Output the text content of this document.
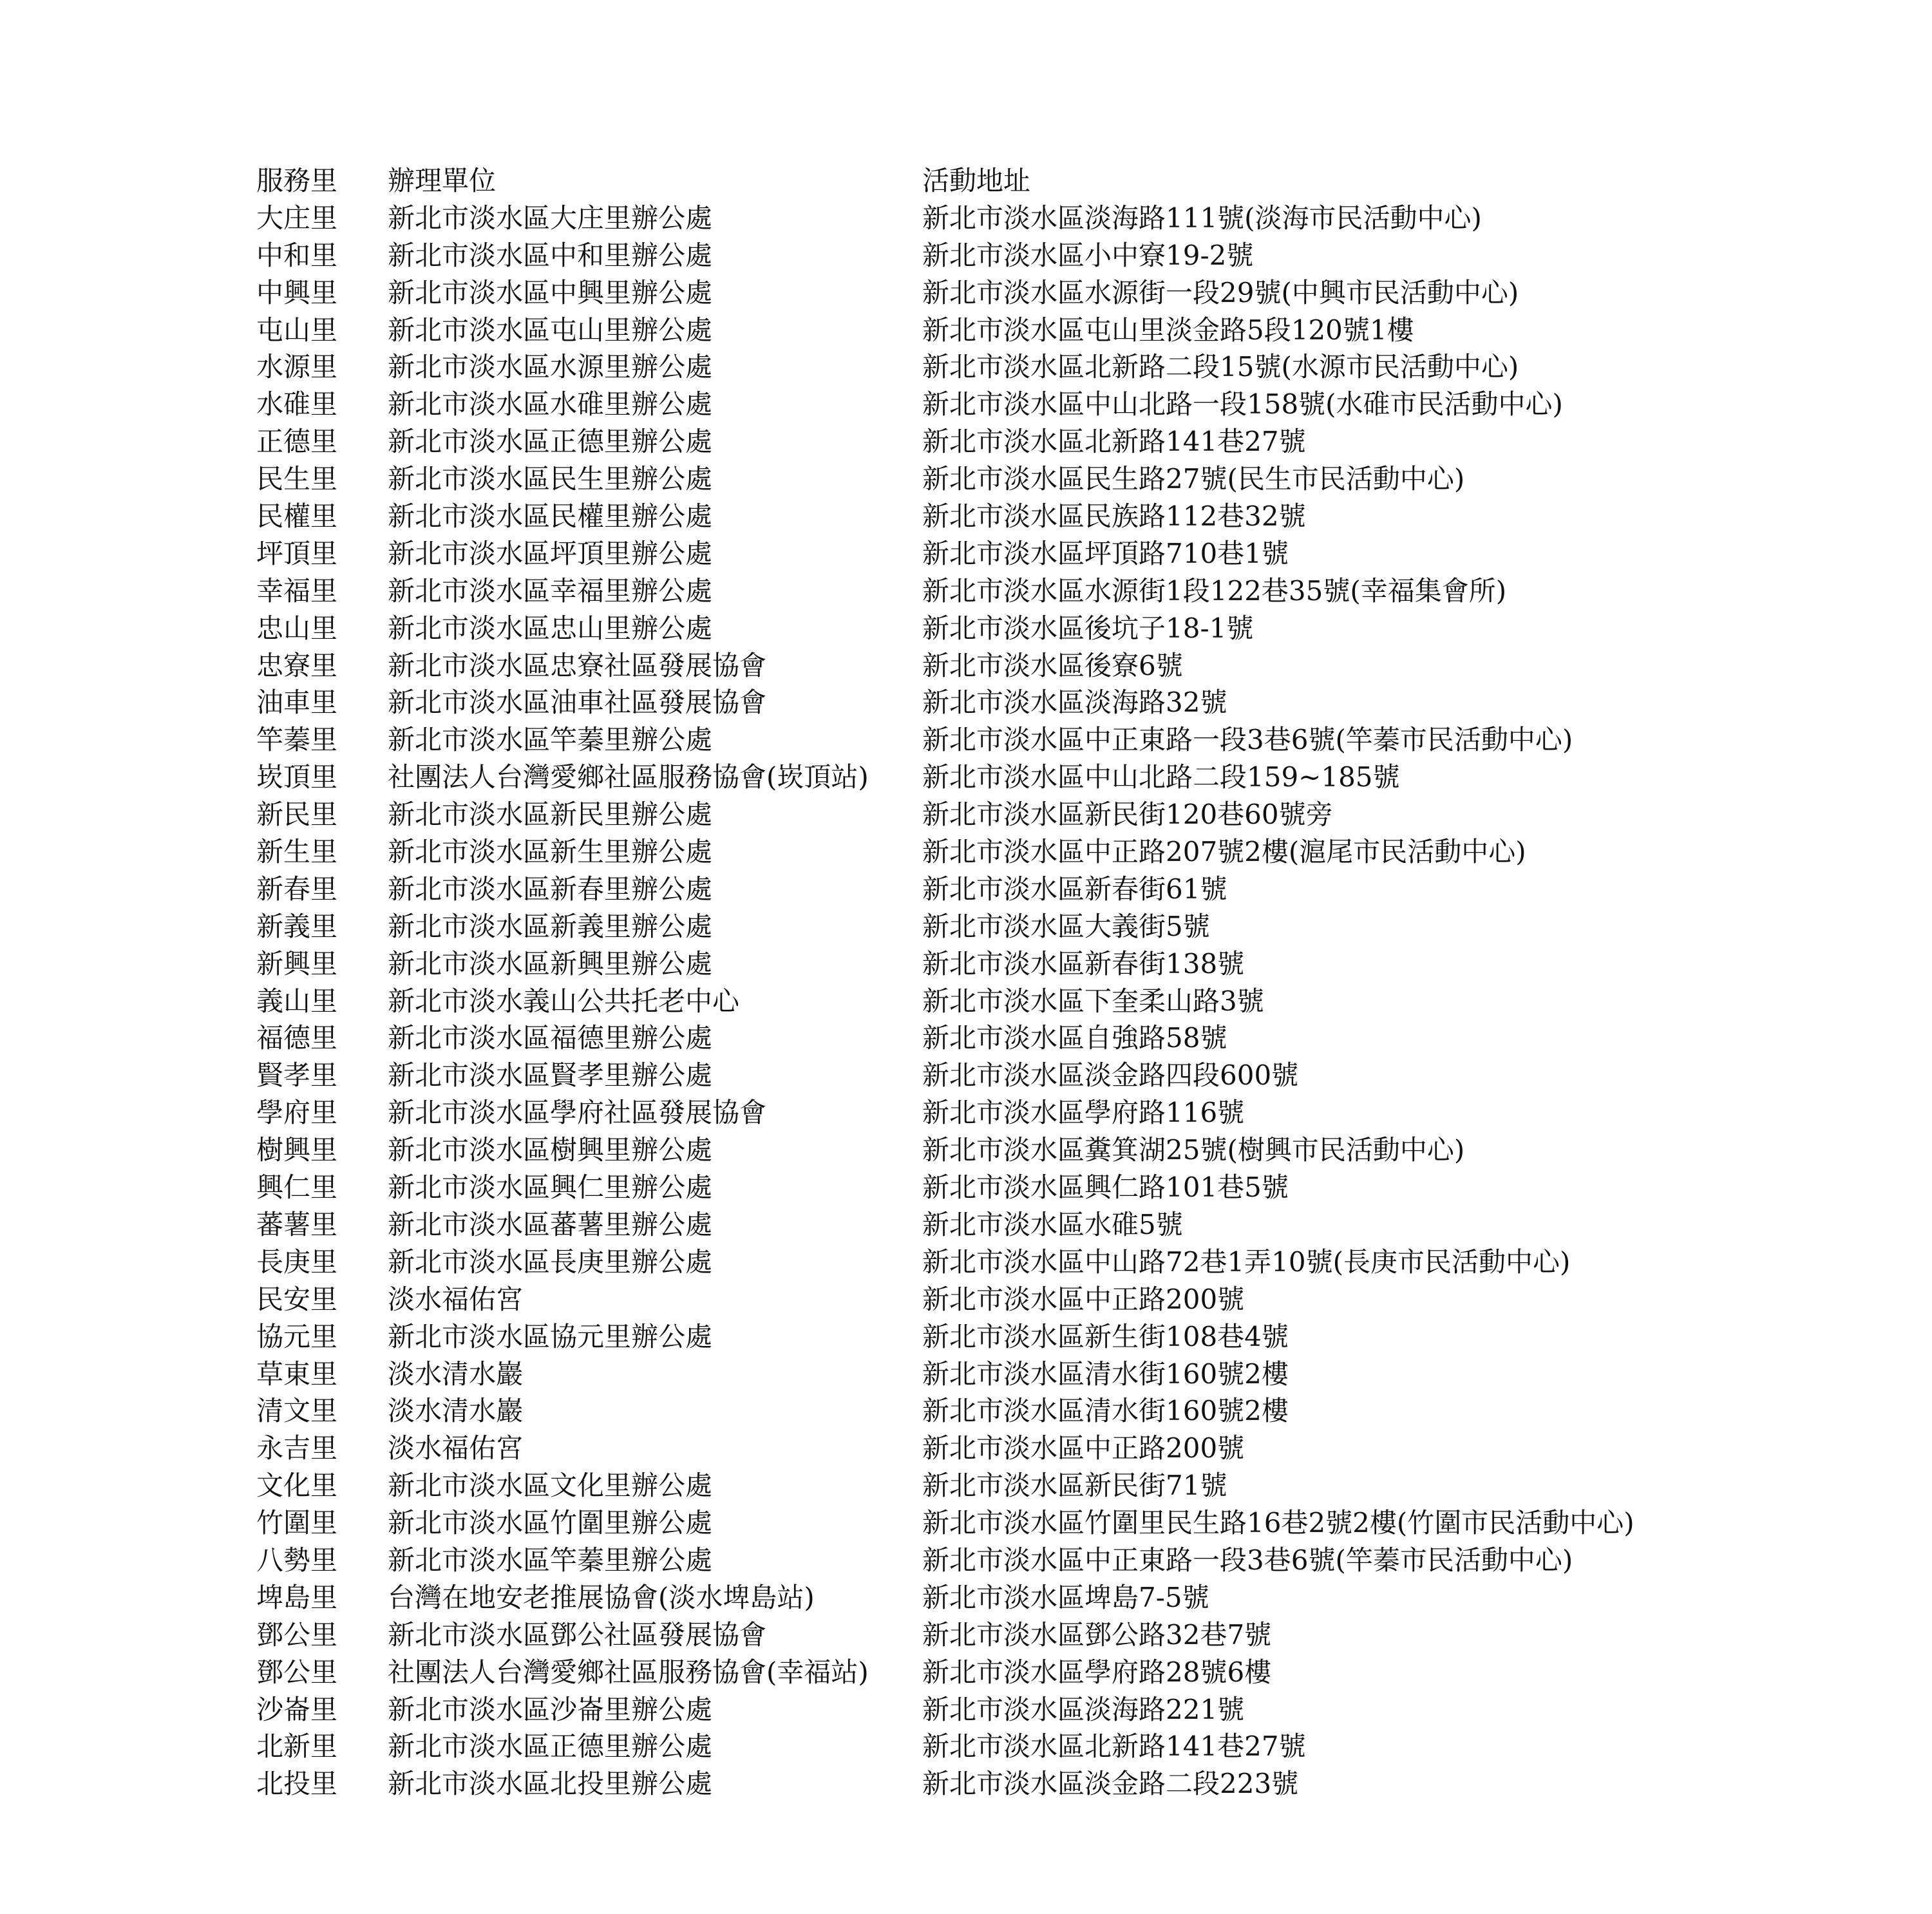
服務里	辦理單位	活動地址
大庄里	新北市淡水區大庄里辦公處	新北市淡水區淡海路111號(淡海市民活動中心)
中和里	新北市淡水區中和里辦公處	新北市淡水區小中寮19-2號
中興里	新北市淡水區中興里辦公處	新北市淡水區水源街一段29號(中興市民活動中心)
屯山里	新北市淡水區屯山里辦公處	新北市淡水區屯山里淡金路5段120號1樓
水源里	新北市淡水區水源里辦公處	新北市淡水區北新路二段15號(水源市民活動中心)
水碓里	新北市淡水區水碓里辦公處	新北市淡水區中山北路一段158號(水碓市民活動中心)
正德里	新北市淡水區正德里辦公處	新北市淡水區北新路141巷27號
民生里	新北市淡水區民生里辦公處	新北市淡水區民生路27號(民生市民活動中心)
民權里	新北市淡水區民權里辦公處	新北市淡水區民族路112巷32號
坪頂里	新北市淡水區坪頂里辦公處	新北市淡水區坪頂路710巷1號
幸福里	新北市淡水區幸福里辦公處	新北市淡水區水源街1段122巷35號(幸福集會所)
忠山里	新北市淡水區忠山里辦公處	新北市淡水區後坑子18-1號
忠寮里	新北市淡水區忠寮社區發展協會	新北市淡水區後寮6號
油車里	新北市淡水區油車社區發展協會	新北市淡水區淡海路32號
竿蓁里	新北市淡水區竿蓁里辦公處	新北市淡水區中正東路一段3巷6號(竿蓁市民活動中心)
崁頂里	社團法人台灣愛鄉社區服務協會(崁頂站)	新北市淡水區中山北路二段159~185號
新民里	新北市淡水區新民里辦公處	新北市淡水區新民街120巷60號旁
新生里	新北市淡水區新生里辦公處	新北市淡水區中正路207號2樓(滬尾市民活動中心)
新春里	新北市淡水區新春里辦公處	新北市淡水區新春街61號
新義里	新北市淡水區新義里辦公處	新北市淡水區大義街5號
新興里	新北市淡水區新興里辦公處	新北市淡水區新春街138號
義山里	新北市淡水義山公共托老中心	新北市淡水區下奎柔山路3號
福德里	新北市淡水區福德里辦公處	新北市淡水區自強路58號
賢孝里	新北市淡水區賢孝里辦公處	新北市淡水區淡金路四段600號
學府里	新北市淡水區學府社區發展協會	新北市淡水區學府路116號
樹興里	新北市淡水區樹興里辦公處	新北市淡水區糞箕湖25號(樹興市民活動中心)
興仁里	新北市淡水區興仁里辦公處	新北市淡水區興仁路101巷5號
蕃薯里	新北市淡水區蕃薯里辦公處	新北市淡水區水碓5號
長庚里	新北市淡水區長庚里辦公處	新北市淡水區中山路72巷1弄10號(長庚市民活動中心)
民安里	淡水福佑宮	新北市淡水區中正路200號
協元里	新北市淡水區協元里辦公處	新北市淡水區新生街108巷4號
草東里	淡水清水巖	新北市淡水區清水街160號2樓
清文里	淡水清水巖	新北市淡水區清水街160號2樓
永吉里	淡水福佑宮	新北市淡水區中正路200號
文化里	新北市淡水區文化里辦公處	新北市淡水區新民街71號
竹圍里	新北市淡水區竹圍里辦公處	新北市淡水區竹圍里民生路16巷2號2樓(竹圍市民活動中心)
八勢里	新北市淡水區竿蓁里辦公處	新北市淡水區中正東路一段3巷6號(竿蓁市民活動中心)
埤島里	台灣在地安老推展協會(淡水埤島站)	新北市淡水區埤島7-5號
鄧公里	新北市淡水區鄧公社區發展協會	新北市淡水區鄧公路32巷7號
鄧公里	社團法人台灣愛鄉社區服務協會(幸福站)	新北市淡水區學府路28號6樓
沙崙里	新北市淡水區沙崙里辦公處	新北市淡水區淡海路221號
北新里	新北市淡水區正德里辦公處	新北市淡水區北新路141巷27號
北投里	新北市淡水區北投里辦公處	新北市淡水區淡金路二段223號
